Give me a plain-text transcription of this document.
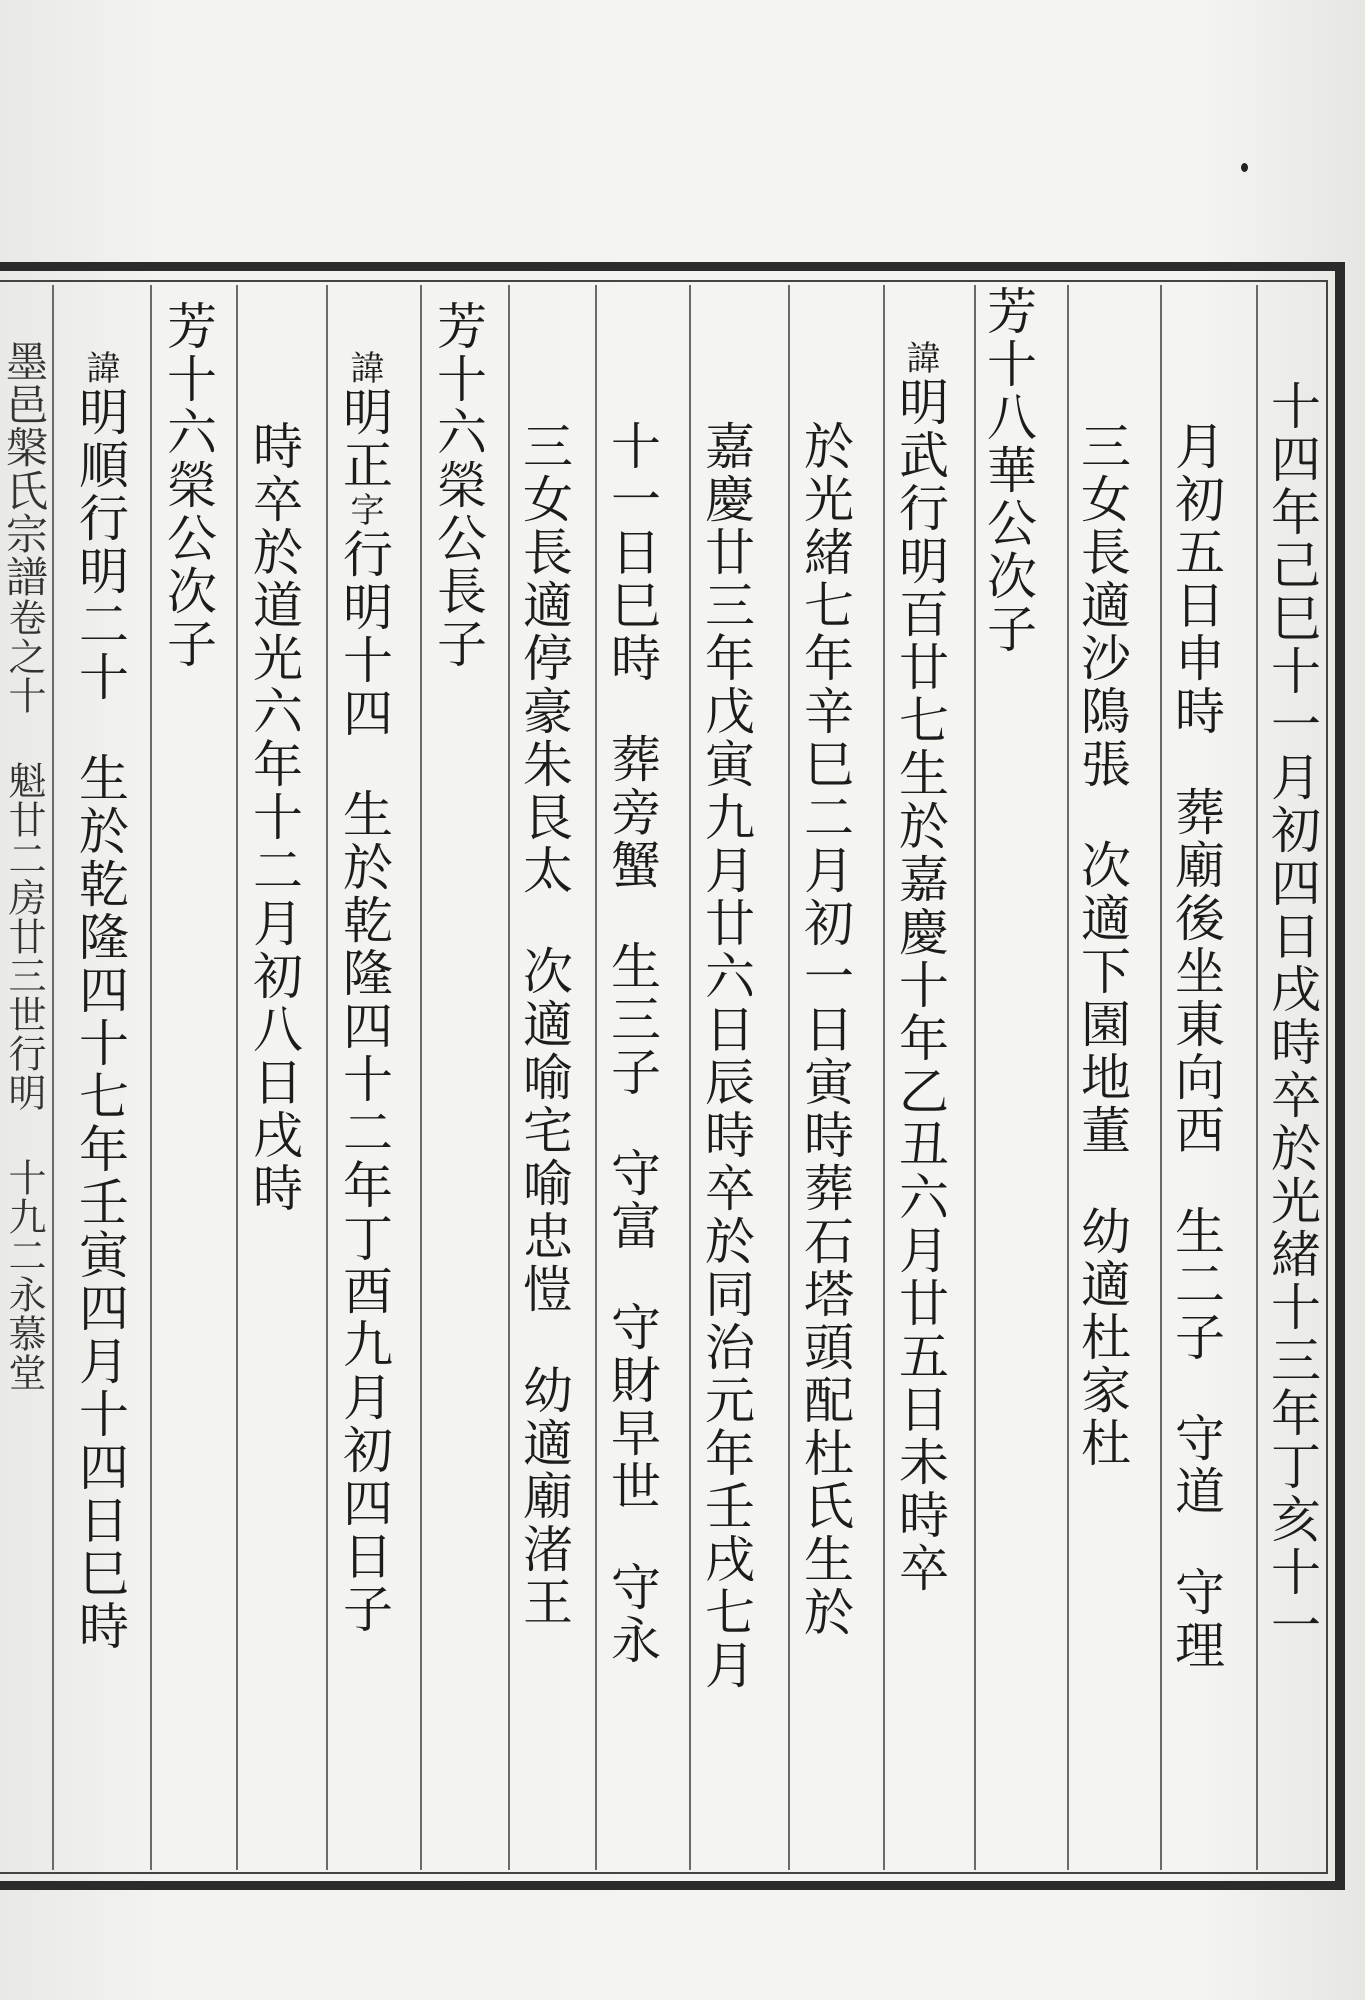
十四年己巳十一月初四日戌時卒於光緒十三年丁亥十一
月初五日申時葬廟後坐東向西生二子守道守理
三女長適沙隝張次適下園地董幼適杜家杜
芳十八華公次子
諱明武行明百廿七生於嘉慶十年乙丑六月廿五日未時卒
於光緒七年辛巳二月初一日寅時葬石塔頭配杜氏生於
嘉慶廿三年戊寅九月廿六日辰時卒於同治元年壬戌七月
十一日巳時葬旁蟹生三子守富守財早世守永
三女長適停豪朱艮太次適喻宅喻忠愷幼適廟渚王
芳十六榮公長子
諱明正字行明十四生於乾隆四十二年丁酉九月初四日子
時卒於道光六年十二月初八日戌時
芳十六榮公次子
諱明順行明二十生於乾隆四十七年壬寅四月十四日巳時
墨邑槃氏宗譜卷之十魁廿二房廿三世行明十九二永慕堂
